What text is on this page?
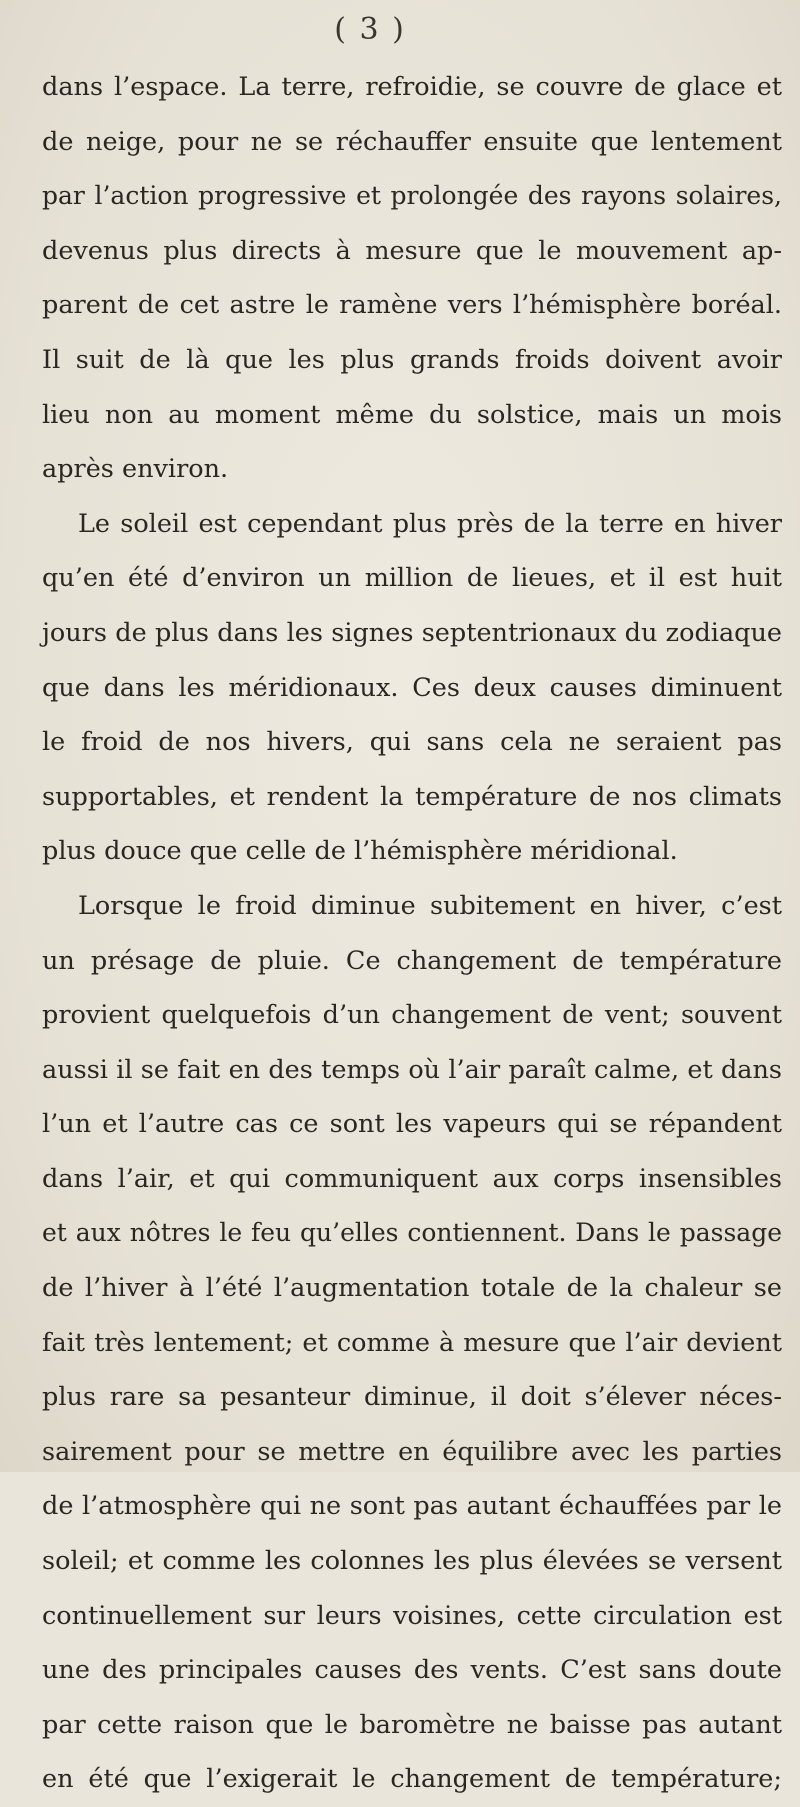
( 3 )
dans l’espace. La terre, refroidie, se couvre de glace et
de neige, pour ne se réchauffer ensuite que lentement
par l’action progressive et prolongée des rayons solaires,
devenus plus directs à mesure que le mouvement ap-
parent de cet astre le ramène vers l’hémisphère boréal.
Il suit de là que les plus grands froids doivent avoir
lieu non au moment même du solstice, mais un mois
après environ.
Le soleil est cependant plus près de la terre en hiver
qu’en été d’environ un million de lieues, et il est huit
jours de plus dans les signes septentrionaux du zodiaque
que dans les méridionaux. Ces deux causes diminuent
le froid de nos hivers, qui sans cela ne seraient pas
supportables, et rendent la température de nos climats
plus douce que celle de l’hémisphère méridional.
Lorsque le froid diminue subitement en hiver, c’est
un présage de pluie. Ce changement de température
provient quelquefois d’un changement de vent; souvent
aussi il se fait en des temps où l’air paraît calme, et dans
l’un et l’autre cas ce sont les vapeurs qui se répandent
dans l’air, et qui communiquent aux corps insensibles
et aux nôtres le feu qu’elles contiennent. Dans le passage
de l’hiver à l’été l’augmentation totale de la chaleur se
fait très lentement; et comme à mesure que l’air devient
plus rare sa pesanteur diminue, il doit s’élever néces-
sairement pour se mettre en équilibre avec les parties
de l’atmosphère qui ne sont pas autant échauffées par le
soleil; et comme les colonnes les plus élevées se versent
continuellement sur leurs voisines, cette circulation est
une des principales causes des vents. C’est sans doute
par cette raison que le baromètre ne baisse pas autant
en été que l’exigerait le changement de température;
